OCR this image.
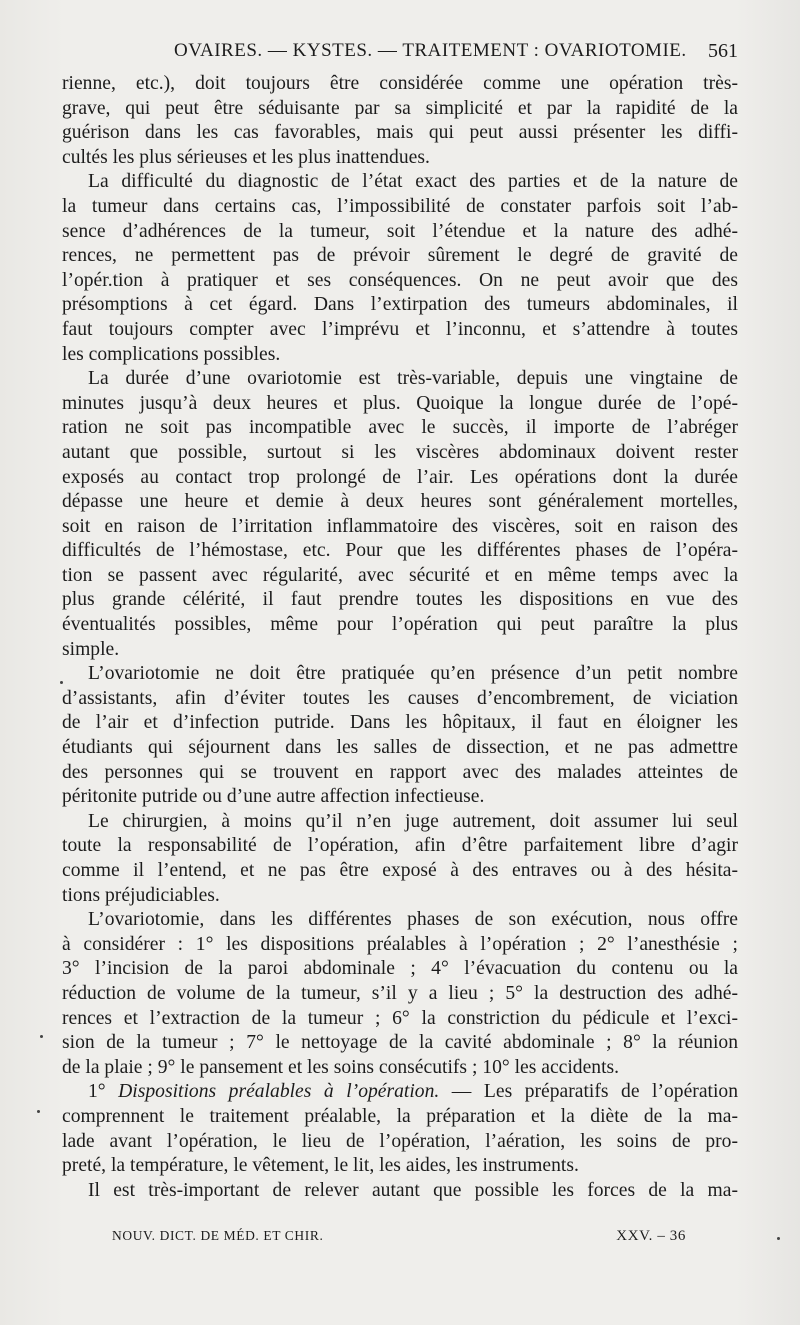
OVAIRES. — KYSTES. — TRAITEMENT : OVARIOTOMIE. 561
rienne, etc.), doit toujours être considérée comme une opération très-
grave, qui peut être séduisante par sa simplicité et par la rapidité de la
guérison dans les cas favorables, mais qui peut aussi présenter les diffi-
cultés les plus sérieuses et les plus inattendues.
La difficulté du diagnostic de l’état exact des parties et de la nature de
la tumeur dans certains cas, l’impossibilité de constater parfois soit l’ab-
sence d’adhérences de la tumeur, soit l’étendue et la nature des adhé-
rences, ne permettent pas de prévoir sûrement le degré de gravité de
l’opér.tion à pratiquer et ses conséquences. On ne peut avoir que des
présomptions à cet égard. Dans l’extirpation des tumeurs abdominales, il
faut toujours compter avec l’imprévu et l’inconnu, et s’attendre à toutes
les complications possibles.
La durée d’une ovariotomie est très-variable, depuis une vingtaine de
minutes jusqu’à deux heures et plus. Quoique la longue durée de l’opé-
ration ne soit pas incompatible avec le succès, il importe de l’abréger
autant que possible, surtout si les viscères abdominaux doivent rester
exposés au contact trop prolongé de l’air. Les opérations dont la durée
dépasse une heure et demie à deux heures sont généralement mortelles,
soit en raison de l’irritation inflammatoire des viscères, soit en raison des
difficultés de l’hémostase, etc. Pour que les différentes phases de l’opéra-
tion se passent avec régularité, avec sécurité et en même temps avec la
plus grande célérité, il faut prendre toutes les dispositions en vue des
éventualités possibles, même pour l’opération qui peut paraître la plus
simple.
L’ovariotomie ne doit être pratiquée qu’en présence d’un petit nombre
d’assistants, afin d’éviter toutes les causes d’encombrement, de viciation
de l’air et d’infection putride. Dans les hôpitaux, il faut en éloigner les
étudiants qui séjournent dans les salles de dissection, et ne pas admettre
des personnes qui se trouvent en rapport avec des malades atteintes de
péritonite putride ou d’une autre affection infectieuse.
Le chirurgien, à moins qu’il n’en juge autrement, doit assumer lui seul
toute la responsabilité de l’opération, afin d’être parfaitement libre d’agir
comme il l’entend, et ne pas être exposé à des entraves ou à des hésita-
tions préjudiciables.
L’ovariotomie, dans les différentes phases de son exécution, nous offre
à considérer : 1° les dispositions préalables à l’opération ; 2° l’anesthésie ;
3° l’incision de la paroi abdominale ; 4° l’évacuation du contenu ou la
réduction de volume de la tumeur, s’il y a lieu ; 5° la destruction des adhé-
rences et l’extraction de la tumeur ; 6° la constriction du pédicule et l’exci-
sion de la tumeur ; 7° le nettoyage de la cavité abdominale ; 8° la réunion
de la plaie ; 9° le pansement et les soins consécutifs ; 10° les accidents.
1° Dispositions préalables à l’opération. — Les préparatifs de l’opération
comprennent le traitement préalable, la préparation et la diète de la ma-
lade avant l’opération, le lieu de l’opération, l’aération, les soins de pro-
preté, la température, le vêtement, le lit, les aides, les instruments.
Il est très-important de relever autant que possible les forces de la ma-
NOUV. DICT. DE MÉD. ET CHIR.	XXV. – 36
